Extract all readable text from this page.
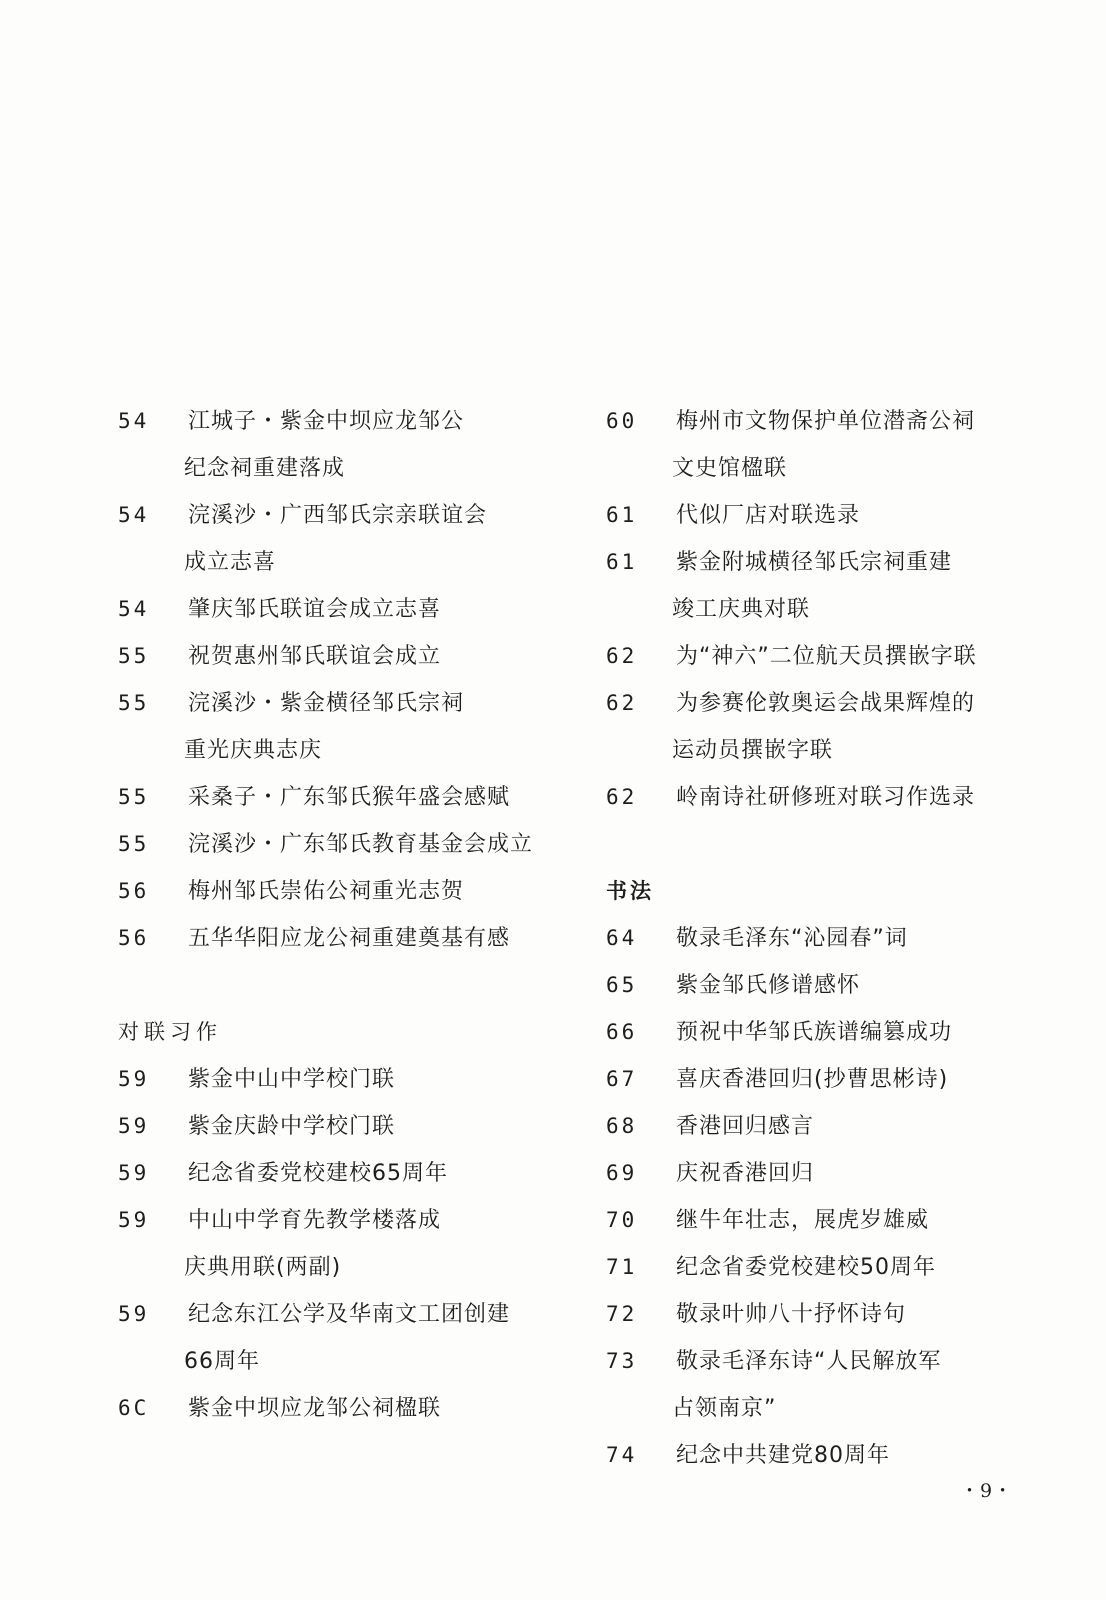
54	江城子・紫金中坝应龙邹公
纪念祠重建落成
54	浣溪沙・广西邹氏宗亲联谊会
成立志喜
54	肇庆邹氏联谊会成立志喜
55	祝贺惠州邹氏联谊会成立
55	浣溪沙・紫金横径邹氏宗祠
重光庆典志庆
55	采桑子・广东邹氏猴年盛会感赋
55	浣溪沙・广东邹氏教育基金会成立
56	梅州邹氏崇佑公祠重光志贺
56	五华华阳应龙公祠重建奠基有感
对联习作
59	紫金中山中学校门联
59	紫金庆龄中学校门联
59	纪念省委党校建校65周年
59	中山中学育先教学楼落成
庆典用联(两副)
59	纪念东江公学及华南文工团创建
66周年
6C	紫金中坝应龙邹公祠楹联
60	梅州市文物保护单位潜斋公祠
文史馆楹联
61	代似厂店对联选录
61	紫金附城横径邹氏宗祠重建
竣工庆典对联
62	为“神六”二位航天员撰嵌字联
62	为参赛伦敦奥运会战果辉煌的
运动员撰嵌字联
62	岭南诗社研修班对联习作选录
书法
64	敬录毛泽东“沁园春”词
65	紫金邹氏修谱感怀
66	预祝中华邹氏族谱编篡成功
67	喜庆香港回归(抄曹思彬诗)
68	香港回归感言
69	庆祝香港回归
70	继牛年壮志，展虎岁雄威
71	纪念省委党校建校50周年
72	敬录叶帅八十抒怀诗句
73	敬录毛泽东诗“人民解放军
占领南京”
74	纪念中共建党80周年
・9・
